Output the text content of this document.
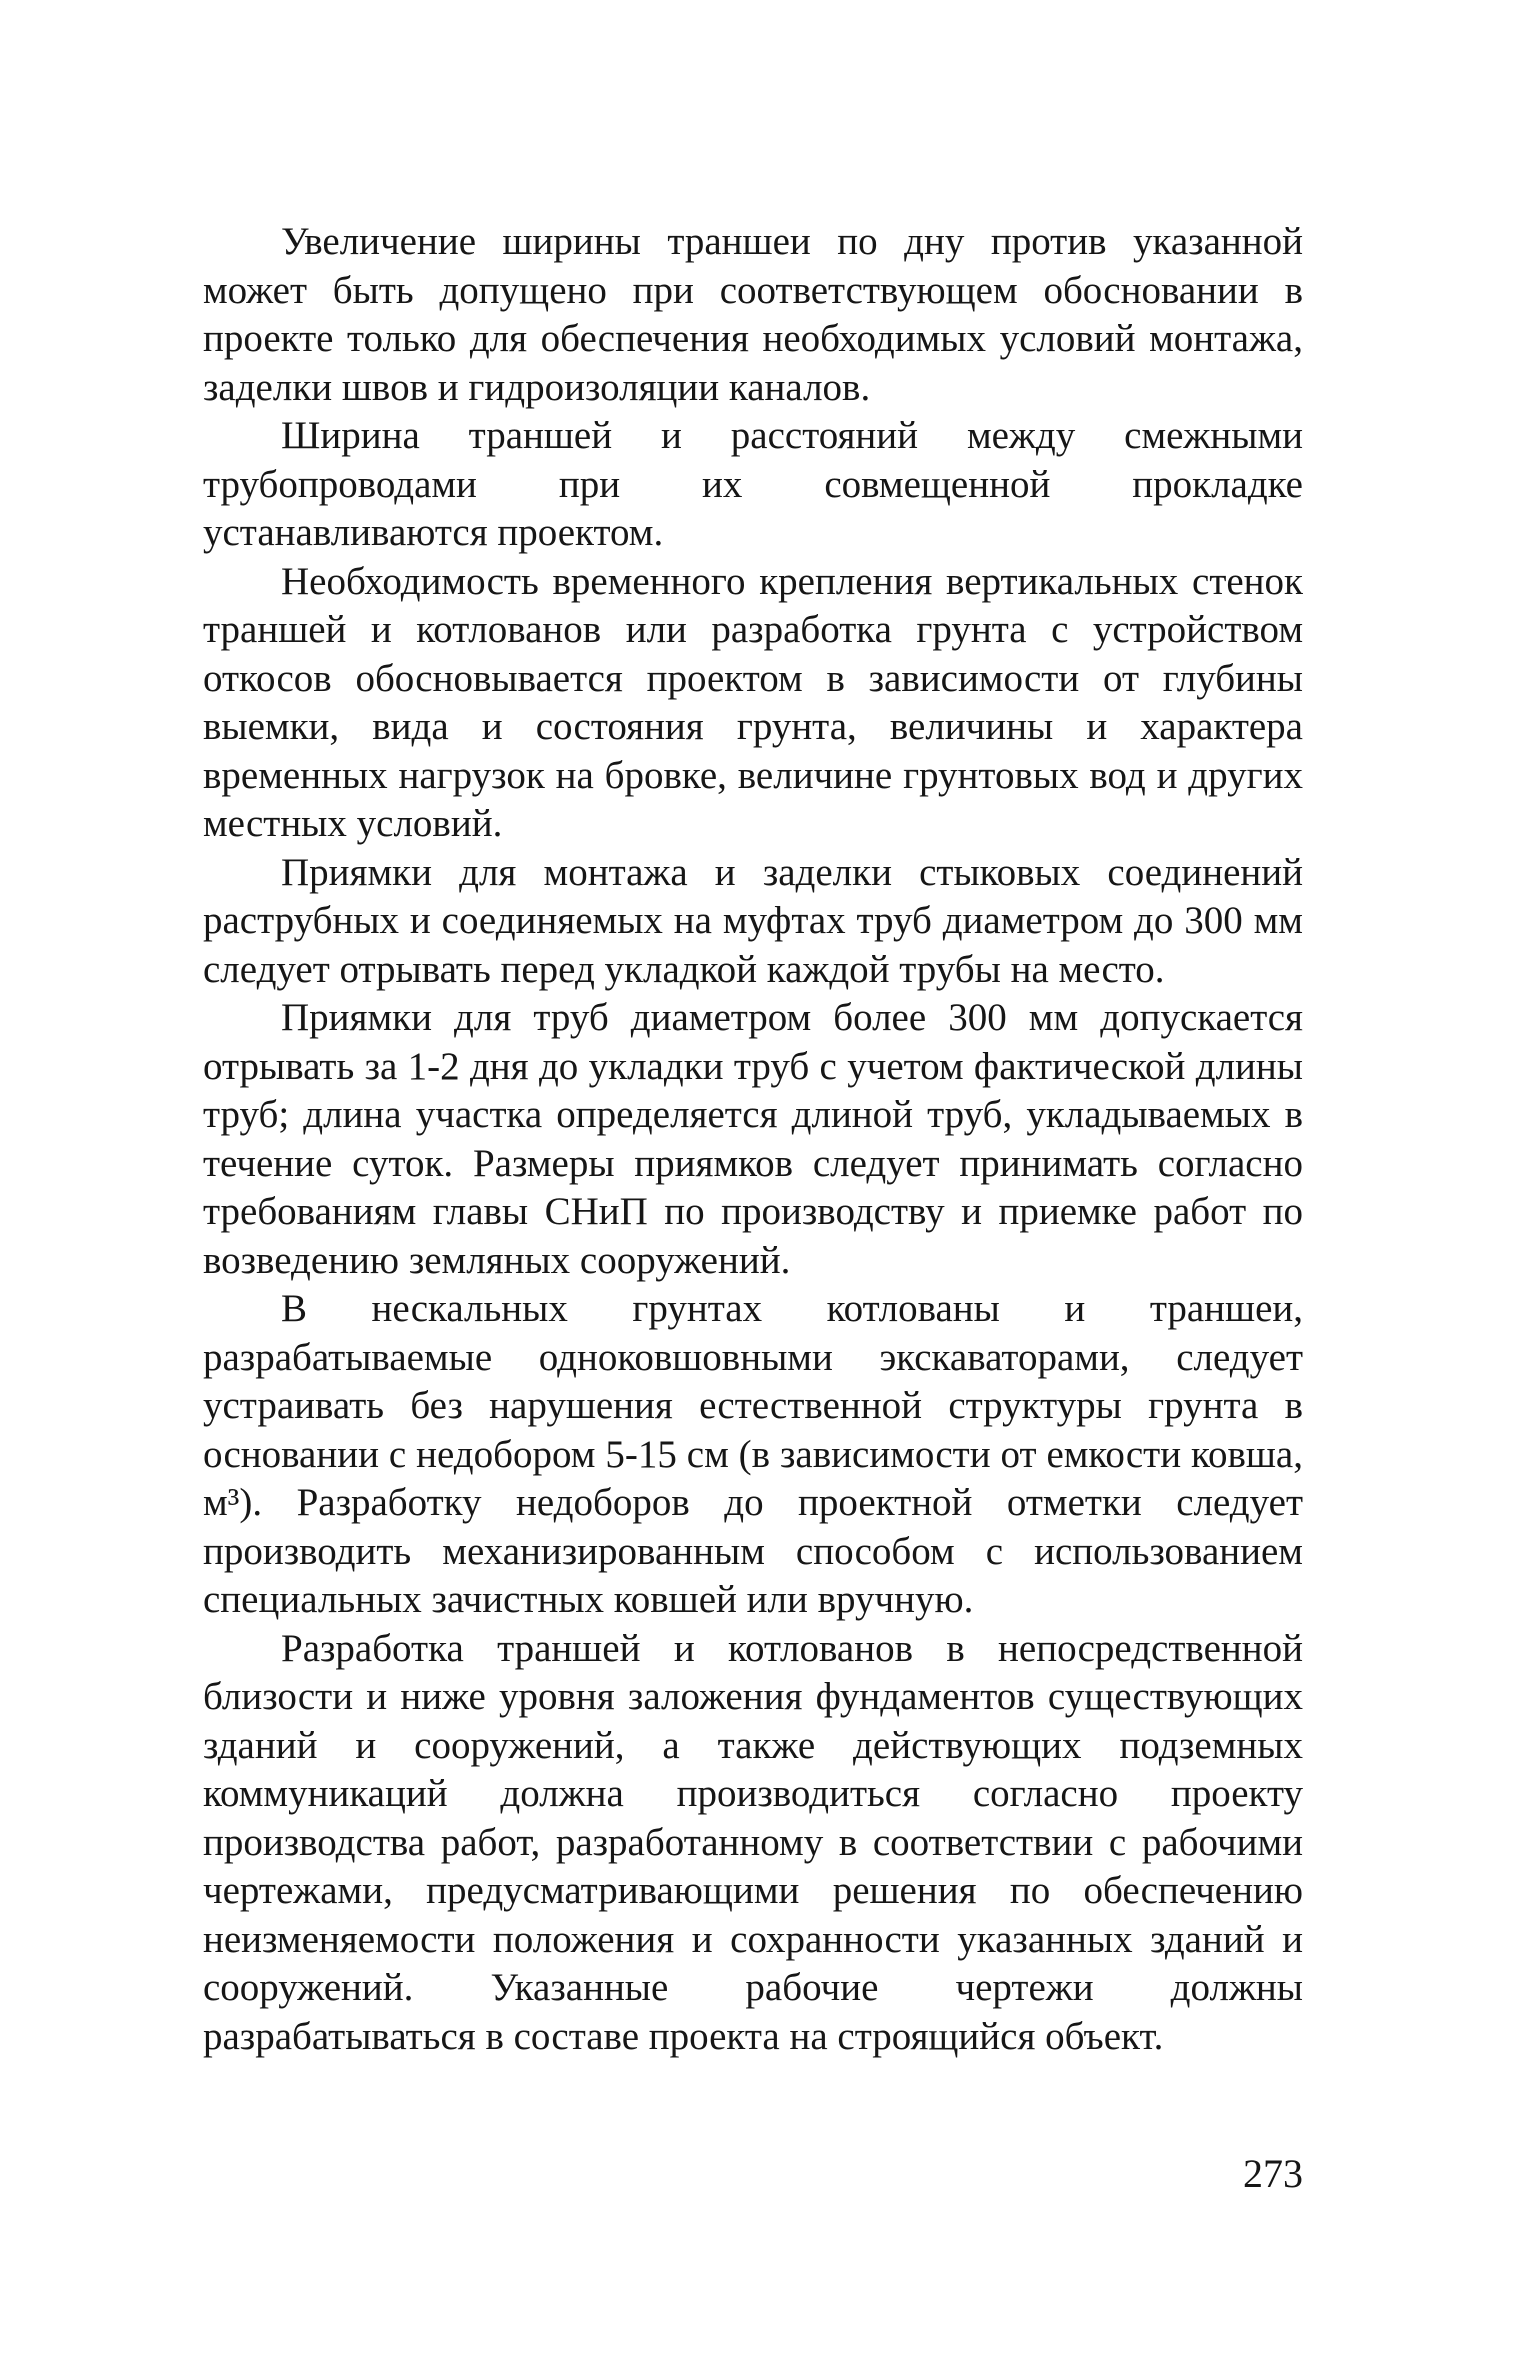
Увеличение ширины траншеи по дну против указанной может быть допущено при соответствующем обосновании в проекте только для обеспечения необходимых условий монтажа, заделки швов и гидроизоляции каналов.

Ширина траншей и расстояний между смежными трубопроводами при их совмещенной прокладке устанавливаются проектом.

Необходимость временного крепления вертикальных стенок траншей и котлованов или разработка грунта с устройством откосов обосновывается проектом в зависимости от глубины выемки, вида и состояния грунта, величины и характера временных нагрузок на бровке, величине грунтовых вод и других местных условий.

Приямки для монтажа и заделки стыковых соединений раструбных и соединяемых на муфтах труб диаметром до 300 мм следует отрывать перед укладкой каждой трубы на место.

Приямки для труб диаметром более 300 мм допускается отрывать за 1-2 дня до укладки труб с учетом фактической длины труб; длина участка определяется длиной труб, укладываемых в течение суток. Размеры приямков следует принимать согласно требованиям главы СНиП по производству и приемке работ по возведению земляных сооружений.

В нескальных грунтах котлованы и траншеи, разрабатываемые одноковшовными экскаваторами, следует устраивать без нарушения естественной структуры грунта в основании с недобором 5-15 см (в зависимости от емкости ковша, м³). Разработку недоборов до проектной отметки следует производить механизированным способом с использованием специальных зачистных ковшей или вручную.

Разработка траншей и котлованов в непосредственной близости и ниже уровня заложения фундаментов существующих зданий и сооружений, а также действующих подземных коммуникаций должна производиться согласно проекту производства работ, разработанному в соответствии с рабочими чертежами, предусматривающими решения по обеспечению неизменяемости положения и сохранности указанных зданий и сооружений. Указанные рабочие чертежи должны разрабатываться в составе проекта на строящийся объект.

273
